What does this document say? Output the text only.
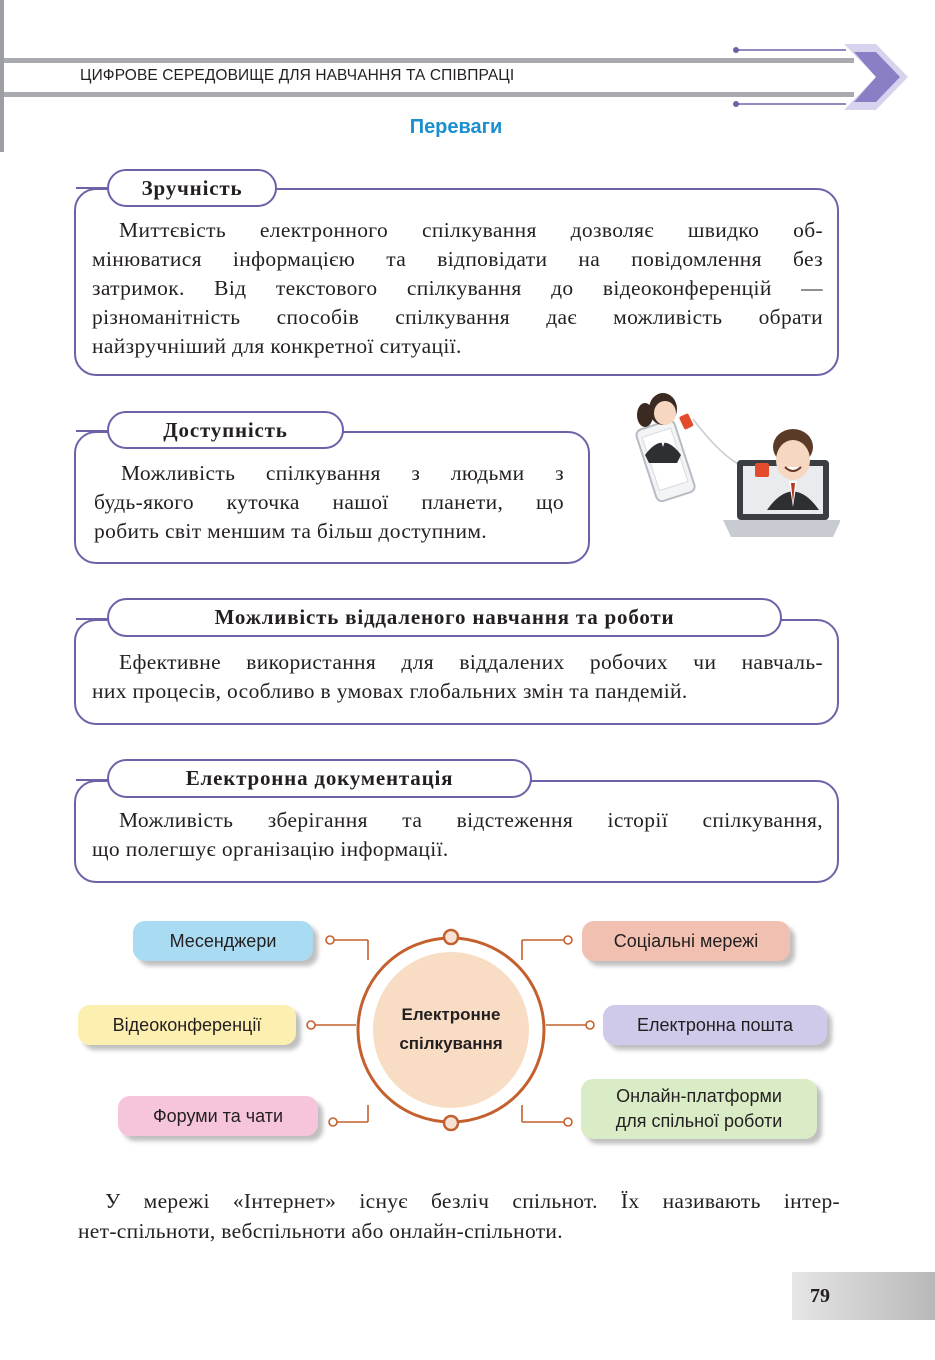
ЦИФРОВЕ СЕРЕДОВИЩЕ ДЛЯ НАВЧАННЯ ТА СПІВПРАЦІ
Переваги
Зручність
Миттєвість електронного спілкування дозволяє швидко об-
мінюватися інформацією та відповідати на повідомлення без
затримок. Від текстового спілкування до відеоконференцій —
різноманітність способів спілкування дає можливість обрати
найзручніший для конкретної ситуації.
Доступність
Можливість спілкування з людьми з
будь-якого куточка нашої планети, що
робить світ меншим та більш доступним.
Можливість віддаленого навчання та роботи
Ефективне використання для віддалених робочих чи навчаль-
них процесів, особливо в умовах глобальних змін та пандемій.
Електронна документація
Можливість зберігання та відстеження історії спілкування,
що полегшує організацію інформації.
Електронне
спілкування
Месенджери
Відеоконференції
Форуми та чати
Соціальні мережі
Електронна пошта
Онлайн-платформи
для спільної роботи
У мережі «Інтернет» існує безліч спільнот. Їх називають інтер-
нет-спільноти, вебспільноти або онлайн-спільноти.
79
